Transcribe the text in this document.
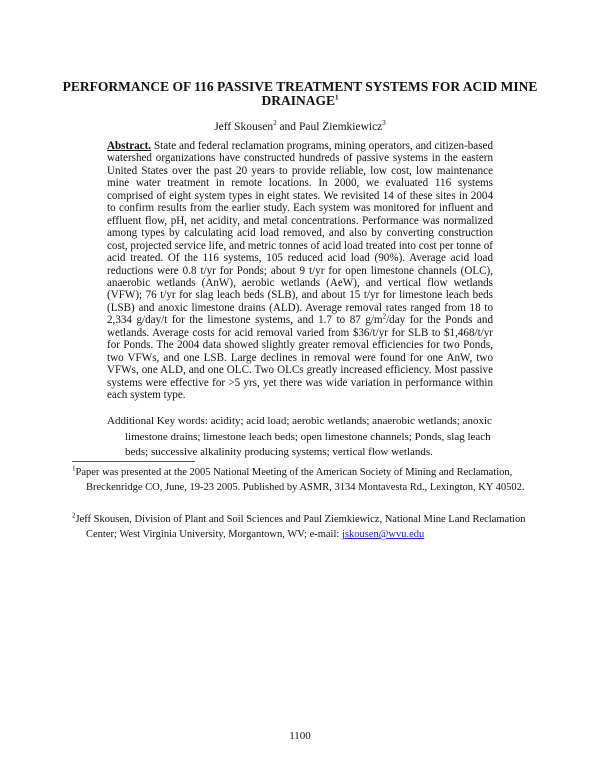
PERFORMANCE OF 116 PASSIVE TREATMENT SYSTEMS FOR ACID MINE DRAINAGE$^1$

Jeff Skousen$^2$ and Paul Ziemkiewicz$^3$

Abstract. State and federal reclamation programs, mining operators, and citizen-based watershed organizations have constructed hundreds of passive systems in the eastern United States over the past 20 years to provide reliable, low cost, low maintenance mine water treatment in remote locations. In 2000, we evaluated 116 systems comprised of eight system types in eight states. We revisited 14 of these sites in 2004 to confirm results from the earlier study. Each system was monitored for influent and effluent flow, pH, net acidity, and metal concentrations. Performance was normalized among types by calculating acid load removed, and also by converting construction cost, projected service life, and metric tonnes of acid load treated into cost per tonne of acid treated. Of the 116 systems, 105 reduced acid load (90%). Average acid load reductions were 0.8 t/yr for Ponds; about 9 t/yr for open limestone channels (OLC), anaerobic wetlands (AnW), aerobic wetlands (AeW), and vertical flow wetlands (VFW); 76 t/yr for slag leach beds (SLB), and about 15 t/yr for limestone leach beds (LSB) and anoxic limestone drains (ALD). Average removal rates ranged from 18 to 2,334 g/day/t for the limestone systems, and 1.7 to 87 $g/m^2$/day for the Ponds and wetlands. Average costs for acid removal varied from $36/t/yr for SLB to $1,468/t/yr for Ponds. The 2004 data showed slightly greater removal efficiencies for two Ponds, two VFWs, and one LSB. Large declines in removal were found for one AnW, two VFWs, one ALD, and one OLC. Two OLCs greatly increased efficiency. Most passive systems were effective for >5 yrs, yet there was wide variation in performance within each system type.

Additional Key words: acidity; acid load; aerobic wetlands; anaerobic wetlands; anoxic limestone drains; limestone leach beds; open limestone channels; Ponds, slag leach beds; successive alkalinity producing systems; vertical flow wetlands.

$^1$Paper was presented at the 2005 National Meeting of the American Society of Mining and Reclamation, Breckenridge CO, June, 19-23 2005. Published by ASMR, 3134 Montavesta Rd., Lexington, KY 40502.

$^2$Jeff Skousen, Division of Plant and Soil Sciences and Paul Ziemkiewicz, National Mine Land Reclamation Center; West Virginia University, Morgantown, WV; e-mail: jskousen@wvu.edu

1100
